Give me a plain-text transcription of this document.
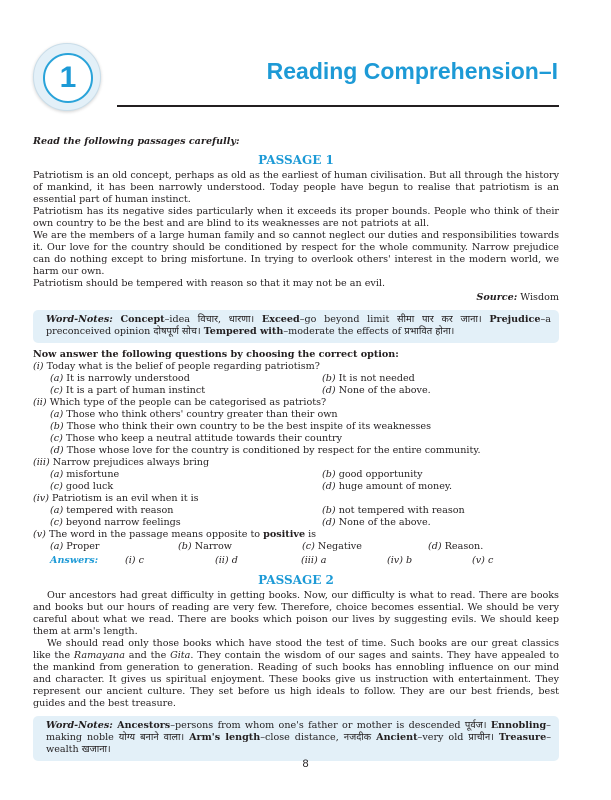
1	Reading Comprehension–I
Read the following passages carefully:
PASSAGE 1

Patriotism is an old concept, perhaps as old as the earliest of human civilisation. But all through the history of mankind, it has been narrowly understood. Today people have begun to realise that patriotism is an essential part of human instinct.

Patriotism has its negative sides particularly when it exceeds its proper bounds. People who think of their own country to be the best and are blind to its weaknesses are not patriots at all.

We are the members of a large human family and so cannot neglect our duties and responsibilities towards it. Our love for the country should be conditioned by respect for the whole community. Narrow prejudice can do nothing except to bring misfortune. In trying to overlook others' interest in the modern world, we harm our own.

Patriotism should be tempered with reason so that it may not be an evil.

Source: Wisdom
Word-Notes: Concept–idea विचार, धारणा। Exceed–go beyond limit सीमा पार कर जाना। Prejudice–a preconceived opinion दोषपूर्ण सोच। Tempered with–moderate the effects of प्रभावित होना।
Now answer the following questions by choosing the correct option:
(i) Today what is the belief of people regarding patriotism?
(a) It is narrowly understood	(b) It is not needed
(c) It is a part of human instinct	(d) None of the above.
(ii) Which type of the people can be categorised as patriots?
(a) Those who think others' country greater than their own
(b) Those who think their own country to be the best inspite of its weaknesses
(c) Those who keep a neutral attitude towards their country
(d) Those whose love for the country is conditioned by respect for the entire community.
(iii) Narrow prejudices always bring
(a) misfortune	(b) good opportunity
(c) good luck	(d) huge amount of money.
(iv) Patriotism is an evil when it is
(a) tempered with reason	(b) not tempered with reason
(c) beyond narrow feelings	(d) None of the above.
(v) The word in the passage means opposite to positive is
(a) Proper	(b) Narrow	(c) Negative	(d) Reason.
Answers:	(i) c	(ii) d	(iii) a	(iv) b	(v) c
PASSAGE 2

Our ancestors had great difficulty in getting books. Now, our difficulty is what to read. There are books and books but our hours of reading are very few. Therefore, choice becomes essential. We should be very careful about what we read. There are books which poison our lives by suggesting evils. We should keep them at arm's length.

We should read only those books which have stood the test of time. Such books are our great classics like the Ramayana and the Gita. They contain the wisdom of our sages and saints. They have appealed to the mankind from generation to generation. Reading of such books has ennobling influence on our mind and character. It gives us spiritual enjoyment. These books give us instruction with entertainment. They represent our ancient culture. They set before us high ideals to follow. They are our best friends, best guides and the best treasure.

Word-Notes: Ancestors–persons from whom one's father or mother is descended पूर्वज। Ennobling–making noble योग्य बनाने वाला। Arm's length–close distance, नजदीक Ancient–very old प्राचीन। Treasure–wealth खजाना।
8
